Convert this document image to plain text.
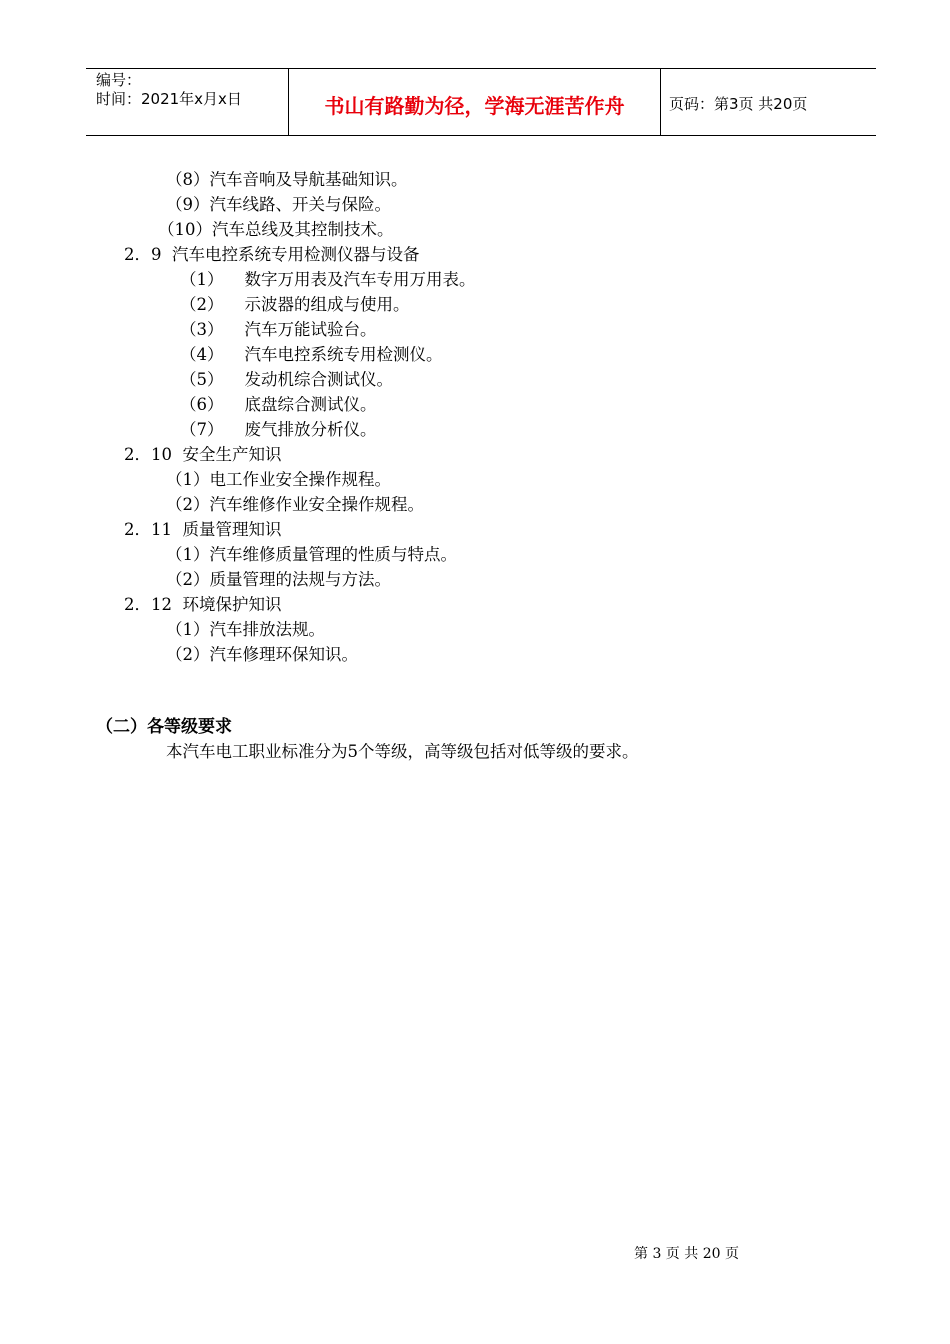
编号：
时间：2021年x月x日	书山有路勤为径，学海无涯苦作舟	页码：第3页 共20页
（8）汽车音响及导航基础知识。
（9）汽车线路、开关与保险。
（10）汽车总线及其控制技术。
2．9  汽车电控系统专用检测仪器与设备
（1）    数字万用表及汽车专用万用表。
（2）    示波器的组成与使用。
（3）    汽车万能试验台。
（4）    汽车电控系统专用检测仪。
（5）    发动机综合测试仪。
（6）    底盘综合测试仪。
（7）    废气排放分析仪。
2．10  安全生产知识
（1）电工作业安全操作规程。
（2）汽车维修作业安全操作规程。
2．11  质量管理知识
（1）汽车维修质量管理的性质与特点。
（2）质量管理的法规与方法。
2．12  环境保护知识
（1）汽车排放法规。
（2）汽车修理环保知识。
（二）各等级要求
本汽车电工职业标准分为5个等级，高等级包括对低等级的要求。
第 3 页 共 20 页
